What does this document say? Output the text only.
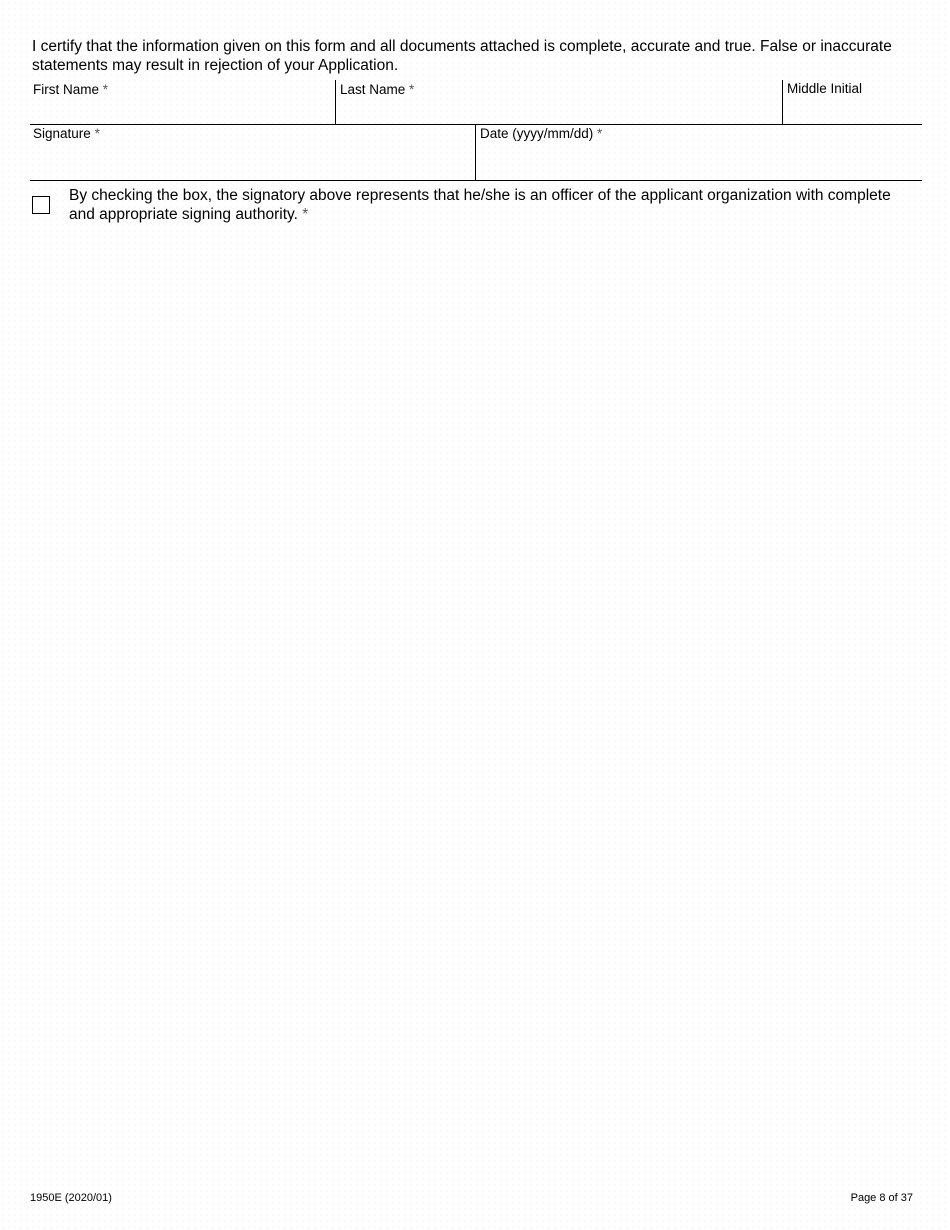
I certify that the information given on this form and all documents attached is complete, accurate and true. False or inaccurate statements may result in rejection of your Application.

First Name *	Last Name *	Middle Initial
Signature *	Date (yyyy/mm/dd) *

By checking the box, the signatory above represents that he/she is an officer of the applicant organization with complete and appropriate signing authority. *

1950E (2020/01)	Page 8 of 37
